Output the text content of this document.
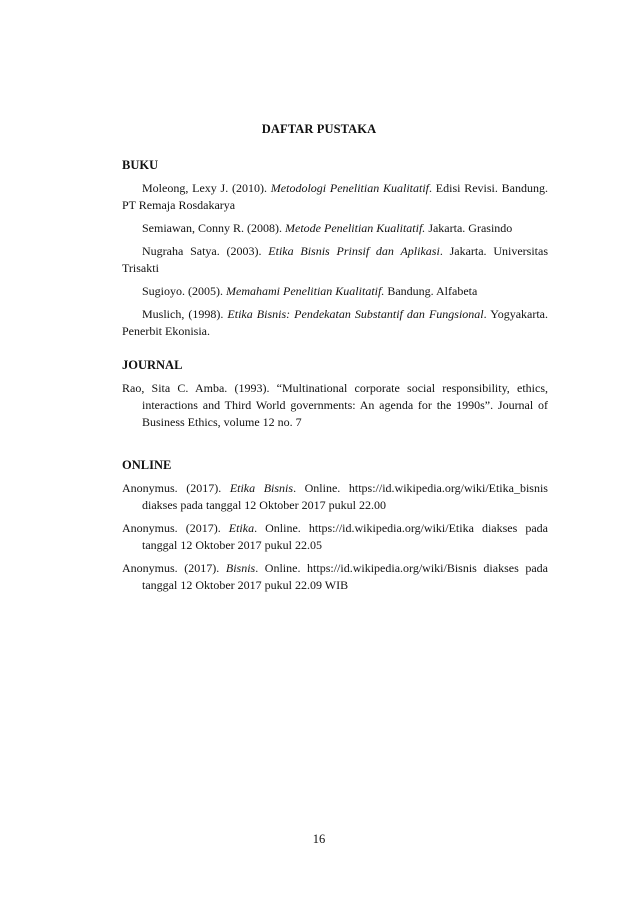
DAFTAR PUSTAKA
BUKU

Moleong, Lexy J. (2010). Metodologi Penelitian Kualitatif. Edisi Revisi. Bandung. PT Remaja Rosdakarya

Semiawan, Conny R. (2008). Metode Penelitian Kualitatif. Jakarta. Grasindo

Nugraha Satya. (2003). Etika Bisnis Prinsif dan Aplikasi. Jakarta. Universitas Trisakti

Sugioyo. (2005). Memahami Penelitian Kualitatif. Bandung. Alfabeta

Muslich, (1998). Etika Bisnis: Pendekatan Substantif dan Fungsional. Yogyakarta. Penerbit Ekonisia.

JOURNAL

Rao, Sita C. Amba. (1993). “Multinational corporate social responsibility, ethics, interactions and Third World governments: An agenda for the 1990s”. Journal of Business Ethics, volume 12 no. 7

ONLINE

Anonymus. (2017). Etika Bisnis. Online. https://id.wikipedia.org/wiki/Etika_bisnis diakses pada tanggal 12 Oktober 2017 pukul 22.00

Anonymus. (2017). Etika. Online. https://id.wikipedia.org/wiki/Etika diakses pada tanggal 12 Oktober 2017 pukul 22.05

Anonymus. (2017). Bisnis. Online. https://id.wikipedia.org/wiki/Bisnis diakses pada tanggal 12 Oktober 2017 pukul 22.09 WIB

16
